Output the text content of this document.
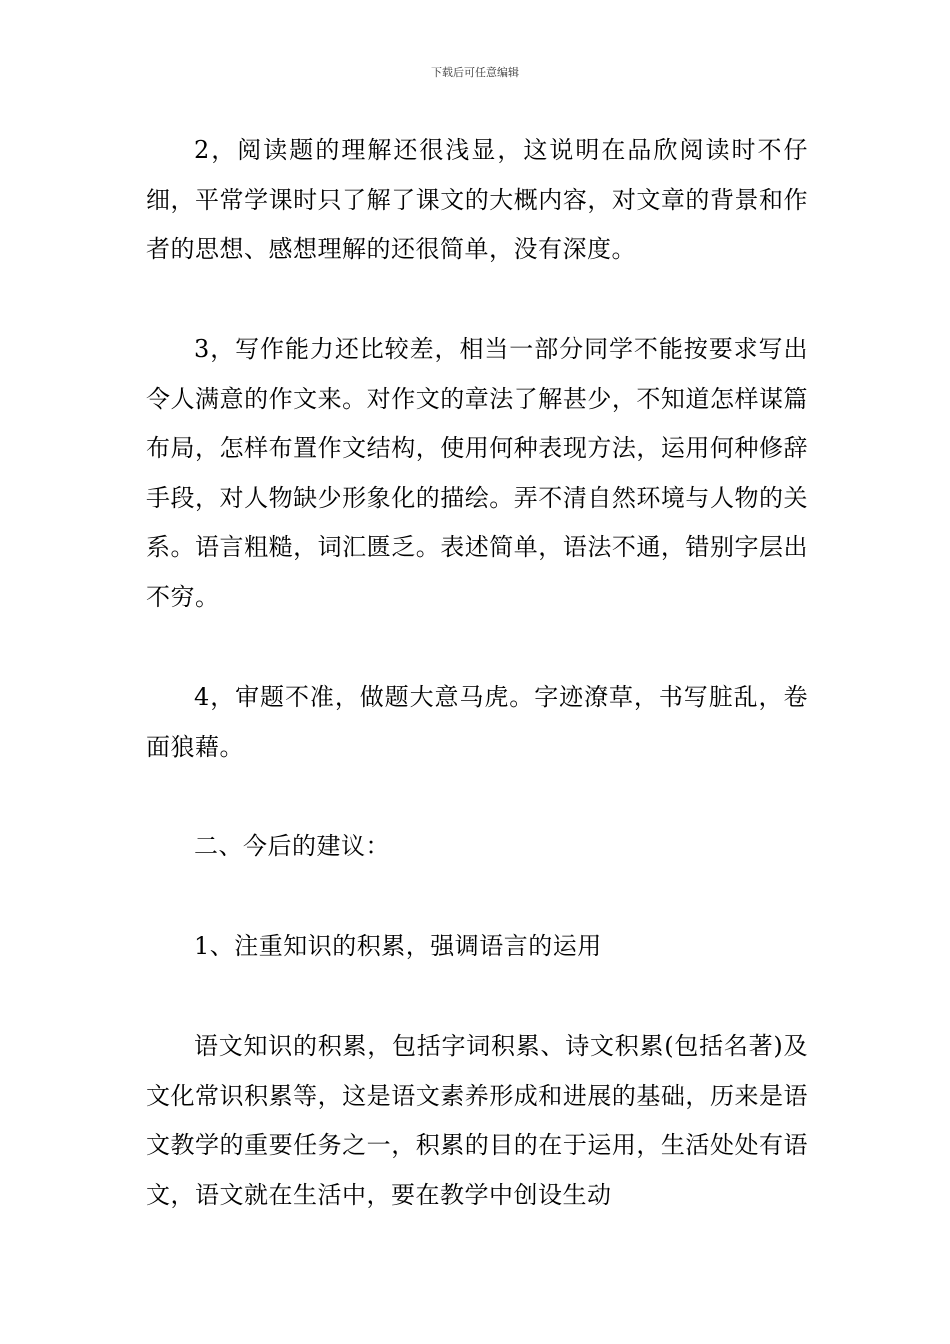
下载后可任意编辑

2，阅读题的理解还很浅显，这说明在品欣阅读时不仔细，平常学课时只了解了课文的大概内容，对文章的背景和作者的思想、感想理解的还很简单，没有深度。

3，写作能力还比较差，相当一部分同学不能按要求写出令人满意的作文来。对作文的章法了解甚少，不知道怎样谋篇布局，怎样布置作文结构，使用何种表现方法，运用何种修辞手段，对人物缺少形象化的描绘。弄不清自然环境与人物的关系。语言粗糙，词汇匮乏。表述简单，语法不通，错别字层出不穷。

4，审题不准，做题大意马虎。字迹潦草，书写脏乱，卷面狼藉。

二、今后的建议：

1、注重知识的积累，强调语言的运用

语文知识的积累，包括字词积累、诗文积累(包括名著)及文化常识积累等，这是语文素养形成和进展的基础，历来是语文教学的重要任务之一，积累的目的在于运用，生活处处有语文，语文就在生活中，要在教学中创设生动
